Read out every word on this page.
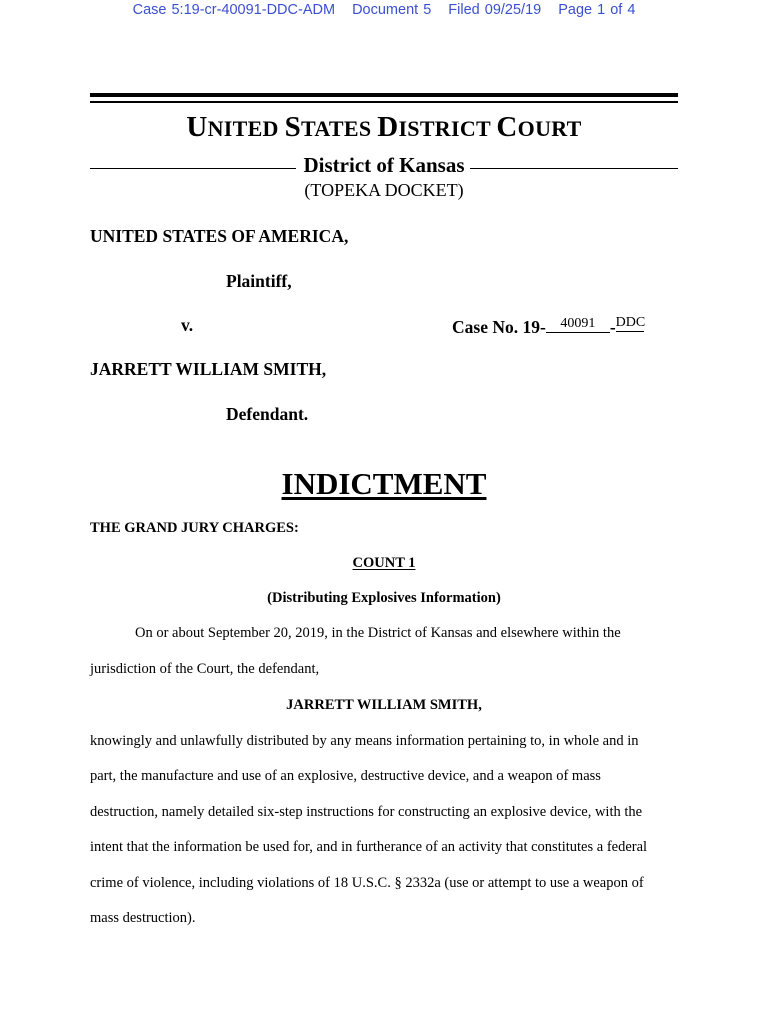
Case 5:19-cr-40091-DDC-ADM Document 5 Filed 09/25/19 Page 1 of 4
UNITED STATES DISTRICT COURT
District of Kansas
(TOPEKA DOCKET)
UNITED STATES OF AMERICA,
Plaintiff,
v.	Case No. 19- 40091 -DDC
JARRETT WILLIAM SMITH,
Defendant.
INDICTMENT
THE GRAND JURY CHARGES:
COUNT 1
(Distributing Explosives Information)
On or about September 20, 2019, in the District of Kansas and elsewhere within the
jurisdiction of the Court, the defendant,
JARRETT WILLIAM SMITH,
knowingly and unlawfully distributed by any means information pertaining to, in whole and in
part, the manufacture and use of an explosive, destructive device, and a weapon of mass
destruction, namely detailed six-step instructions for constructing an explosive device, with the
intent that the information be used for, and in furtherance of an activity that constitutes a federal
crime of violence, including violations of 18 U.S.C. § 2332a (use or attempt to use a weapon of
mass destruction).
